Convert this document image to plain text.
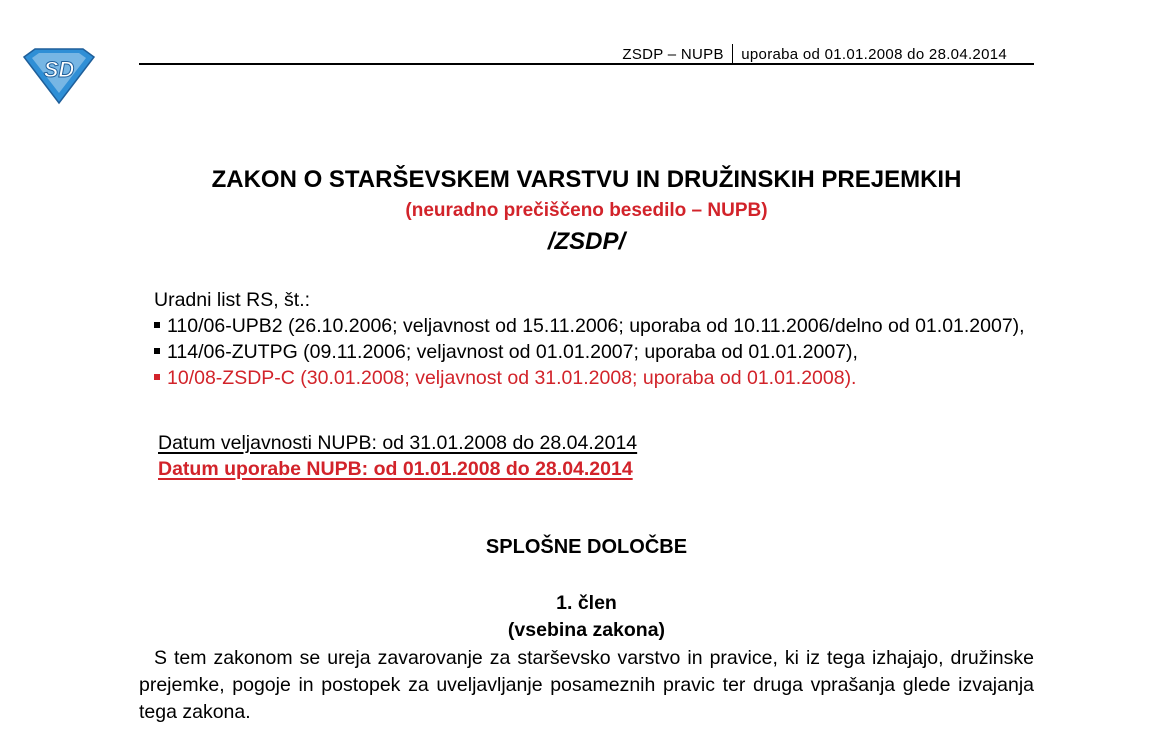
SD
ZSDP – NUPB uporaba od 01.01.2008 do 28.04.2014
ZAKON O STARŠEVSKEM VARSTVU IN DRUŽINSKIH PREJEMKIH
(neuradno prečiščeno besedilo – NUPB)
/ZSDP/
Uradni list RS, št.:
110/06-UPB2 (26.10.2006; veljavnost od 15.11.2006; uporaba od 10.11.2006/delno od 01.01.2007),
114/06-ZUTPG (09.11.2006; veljavnost od 01.01.2007; uporaba od 01.01.2007),
10/08-ZSDP-C (30.01.2008; veljavnost od 31.01.2008; uporaba od 01.01.2008).
Datum veljavnosti NUPB: od 31.01.2008 do 28.04.2014
Datum uporabe NUPB: od 01.01.2008 do 28.04.2014
SPLOŠNE DOLOČBE
1. člen
(vsebina zakona)
S tem zakonom se ureja zavarovanje za starševsko varstvo in pravice, ki iz tega izhajajo, družinske prejemke, pogoje in postopek za uveljavljanje posameznih pravic ter druga vprašanja glede izvajanja tega zakona.
